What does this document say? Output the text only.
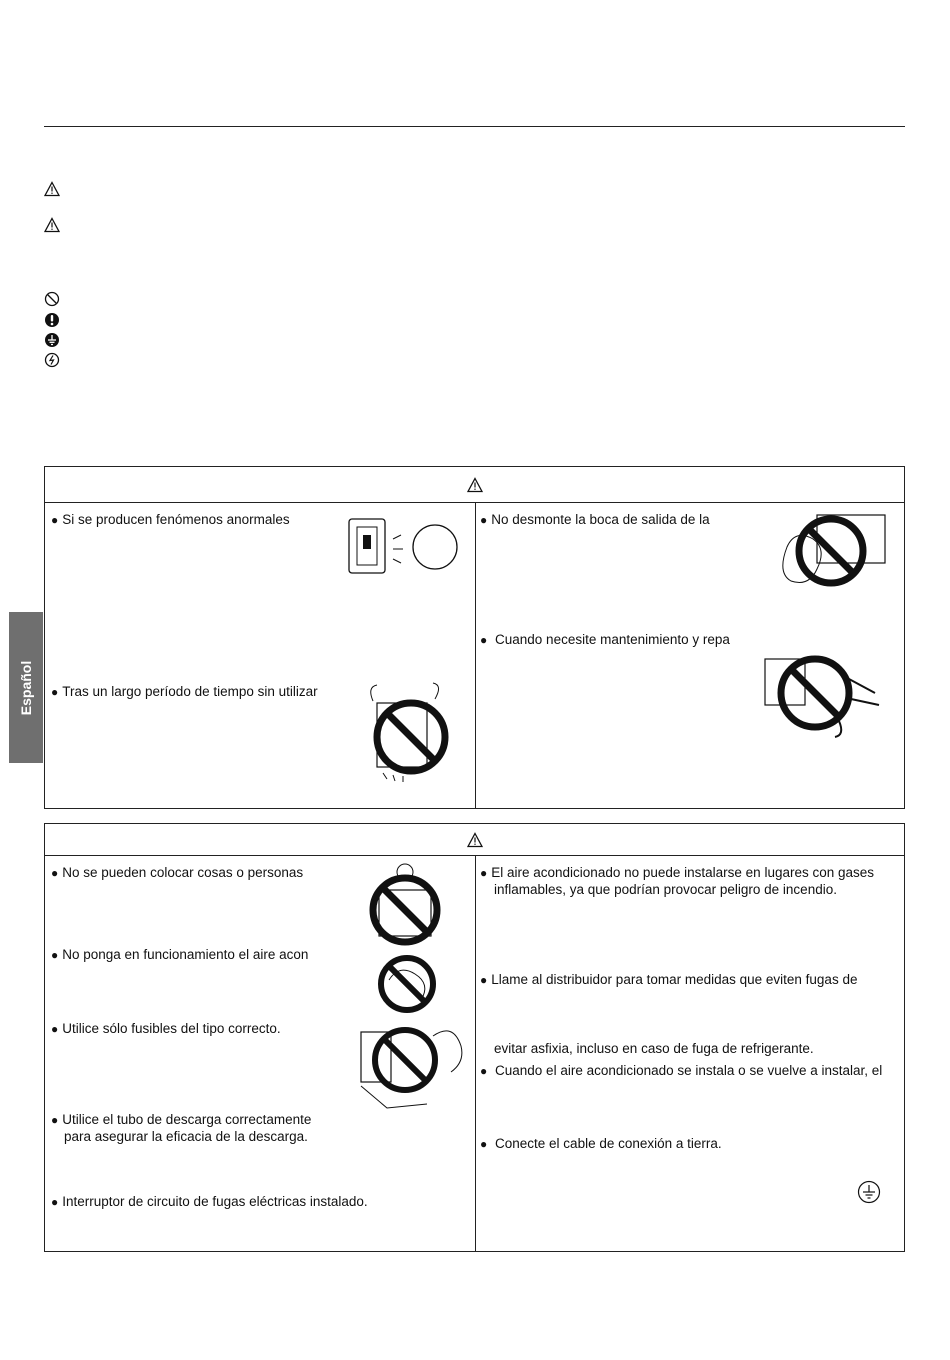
Español
● Si se producen fenómenos anormales
● Tras un largo período de tiempo sin utilizar
● No desmonte la boca de salida de la
● Cuando necesite mantenimiento y repa
● No se pueden colocar cosas o personas
● No ponga en funcionamiento el aire acon
● Utilice sólo fusibles del tipo correcto.
● Utilice el tubo de descarga correctamente
para asegurar la eficacia de la descarga.
● Interruptor de circuito de fugas eléctricas instalado.
● El aire acondicionado no puede instalarse en lugares con gases
inflamables, ya que podrían provocar peligro de incendio.
● Llame al distribuidor para tomar medidas que eviten fugas de
evitar asfixia, incluso en caso de fuga de refrigerante.
● Cuando el aire acondicionado se instala o se vuelve a instalar, el
● Conecte el cable de conexión a tierra.
